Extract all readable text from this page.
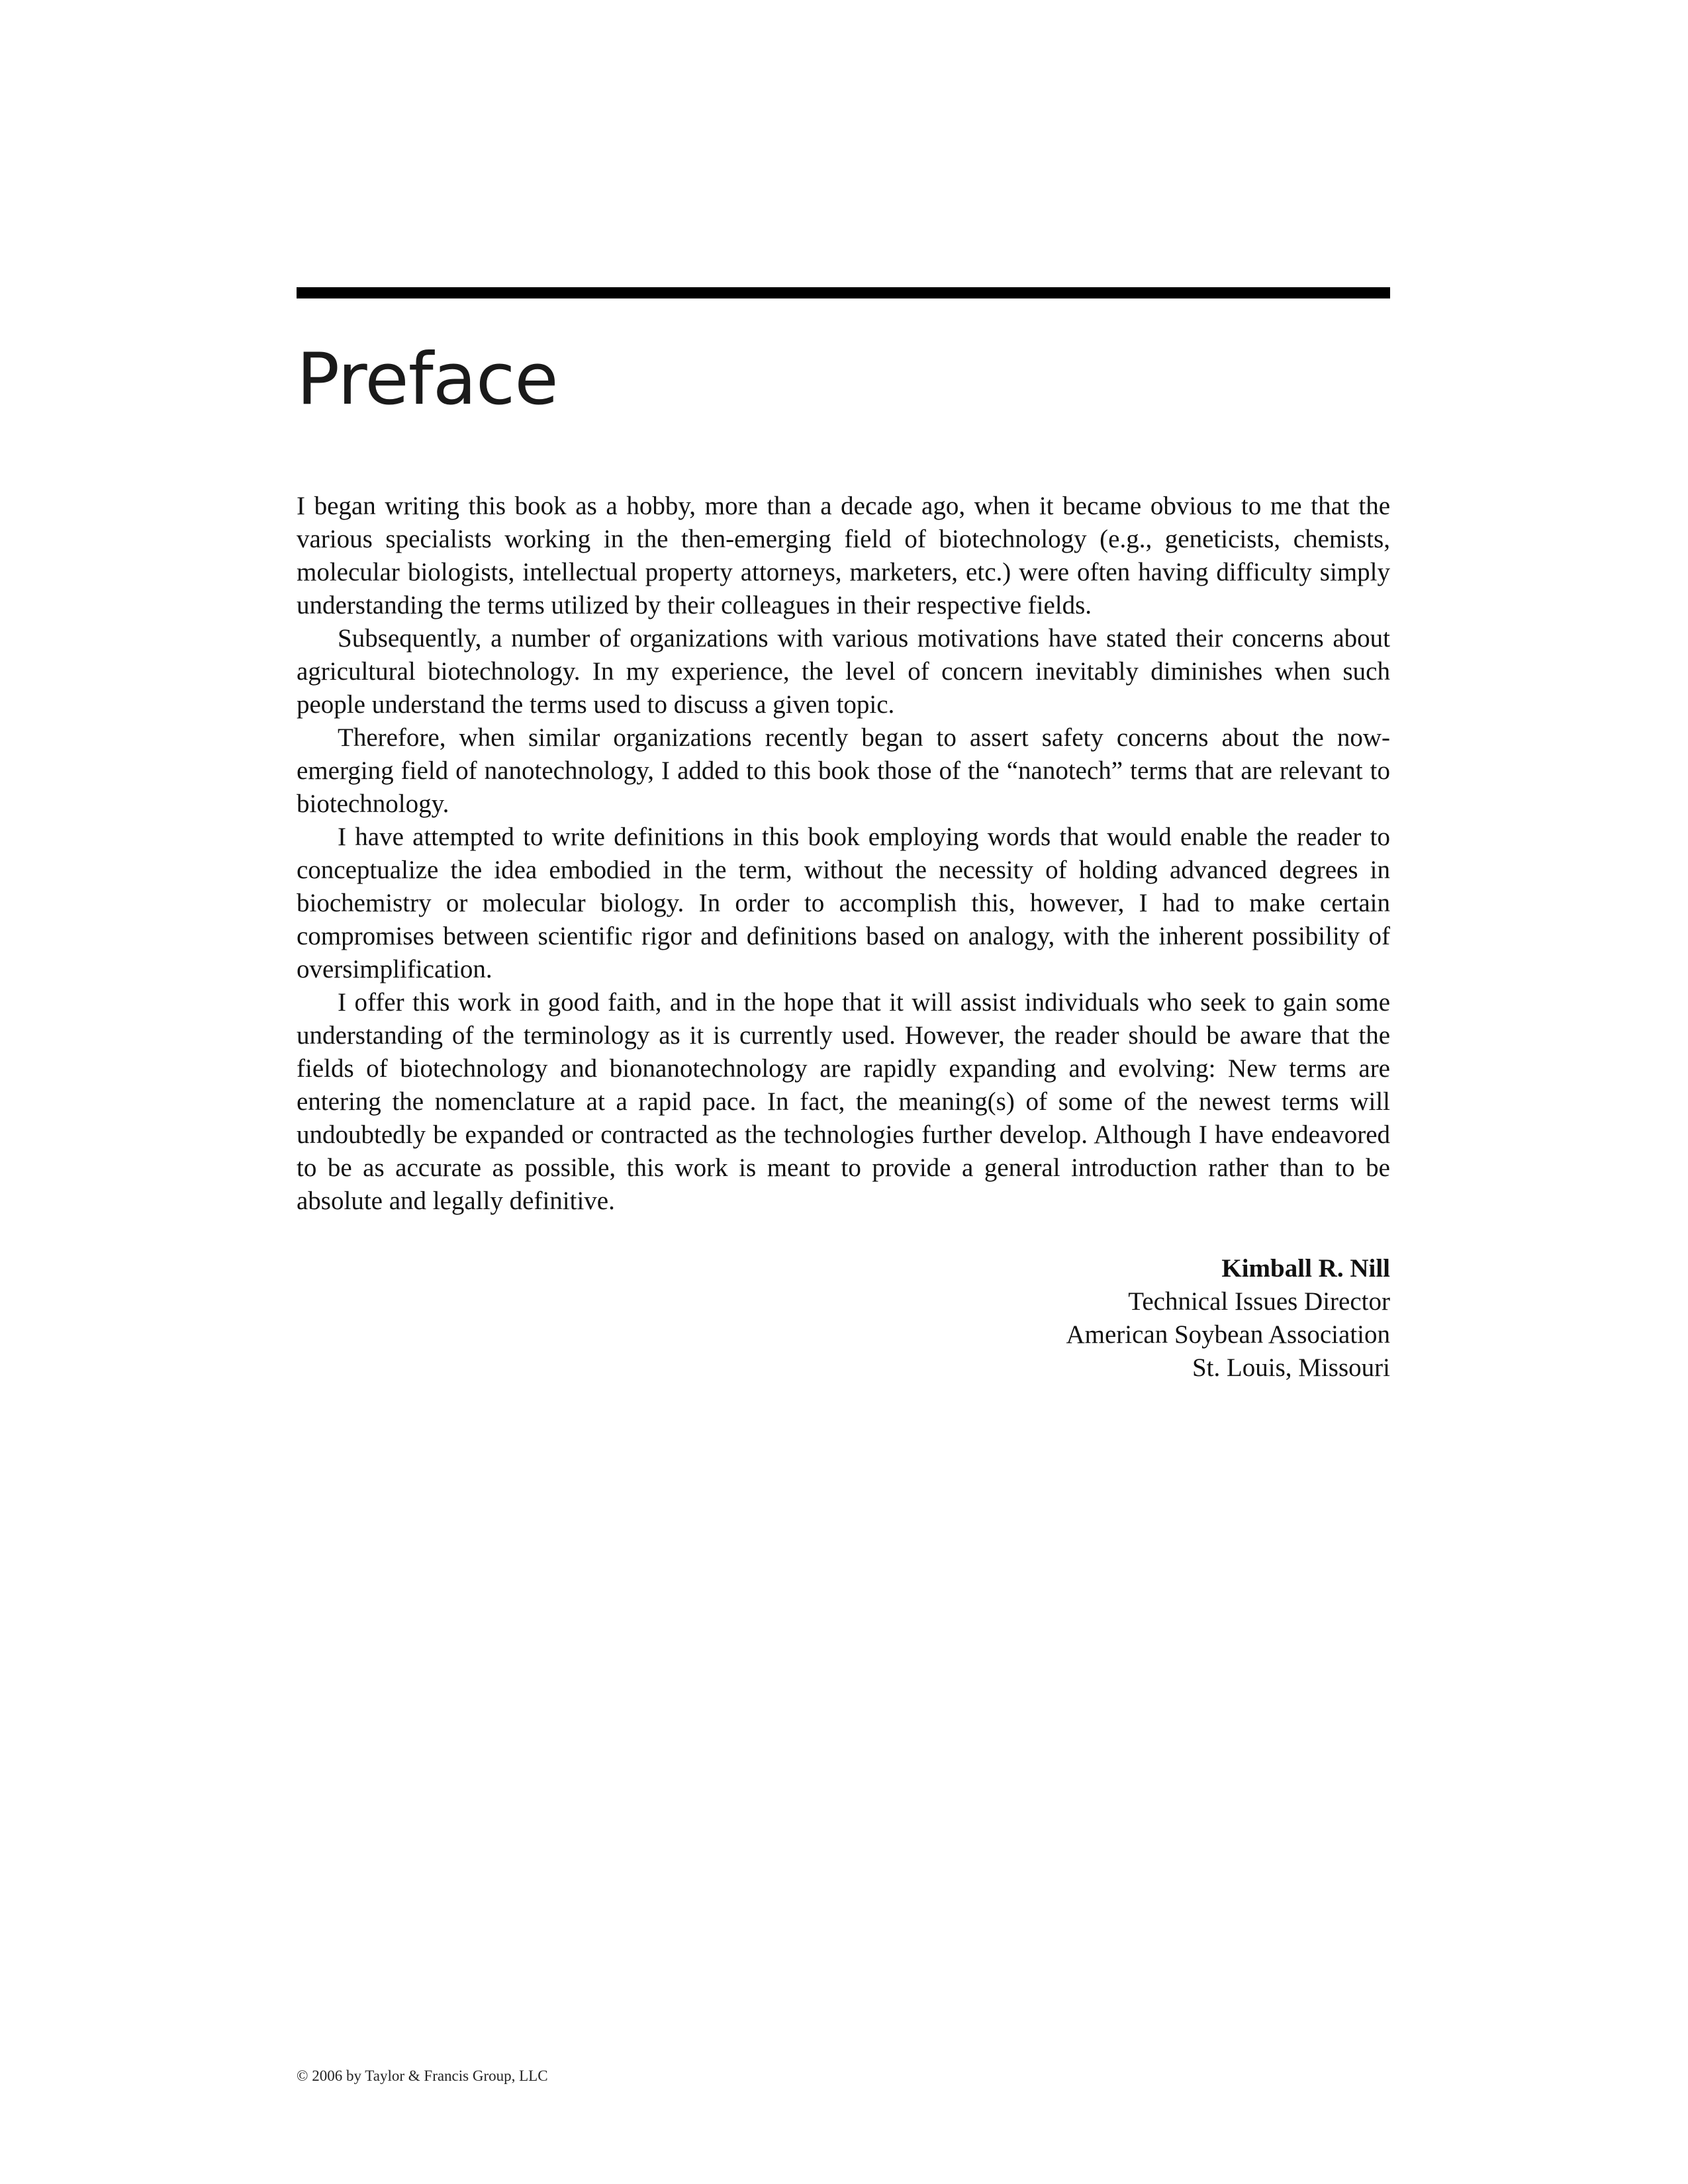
Preface

I began writing this book as a hobby, more than a decade ago, when it became obvious to me that the various specialists working in the then-emerging field of biotechnology (e.g., geneticists, chemists, molecular biologists, intellectual property attorneys, marketers, etc.) were often having difficulty simply understanding the terms utilized by their colleagues in their respective fields.

Subsequently, a number of organizations with various motivations have stated their concerns about agricultural biotechnology. In my experience, the level of concern inevitably diminishes when such people understand the terms used to discuss a given topic.

Therefore, when similar organizations recently began to assert safety concerns about the now-emerging field of nanotechnology, I added to this book those of the “nanotech” terms that are relevant to biotechnology.

I have attempted to write definitions in this book employing words that would enable the reader to conceptualize the idea embodied in the term, without the necessity of holding advanced degrees in biochemistry or molecular biology. In order to accomplish this, however, I had to make certain compromises between scientific rigor and definitions based on analogy, with the inherent possibility of oversimplification.

I offer this work in good faith, and in the hope that it will assist individuals who seek to gain some understanding of the terminology as it is currently used. However, the reader should be aware that the fields of biotechnology and bionanotechnology are rapidly expanding and evolving: New terms are entering the nomenclature at a rapid pace. In fact, the meaning(s) of some of the newest terms will undoubtedly be expanded or contracted as the technologies further develop. Although I have endeavored to be as accurate as possible, this work is meant to provide a general introduction rather than to be absolute and legally definitive.

Kimball R. Nill
Technical Issues Director
American Soybean Association
St. Louis, Missouri
© 2006 by Taylor & Francis Group, LLC
